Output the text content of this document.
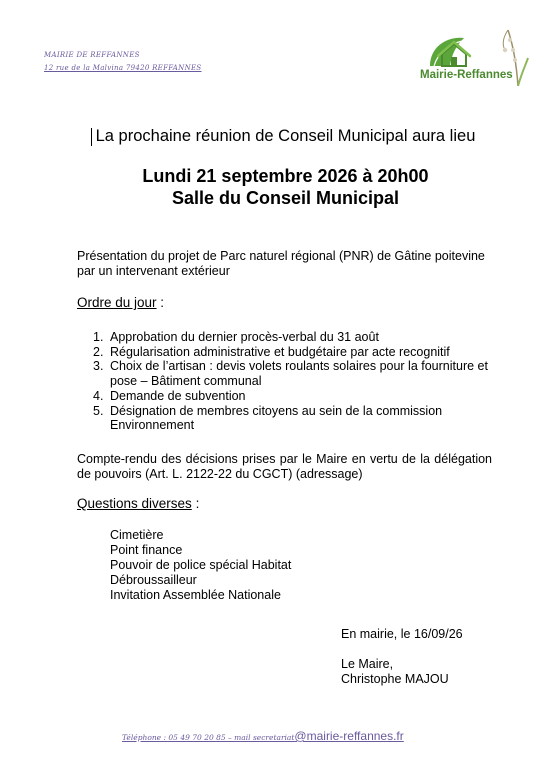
MAIRIE DE REFFANNES
12 rue de la Malvina 79420 REFFANNES
Mairie-Reffannes
La prochaine réunion de Conseil Municipal aura lieu
Lundi 21 septembre 2026 à 20h00
Salle du Conseil Municipal
Présentation du projet de Parc naturel régional (PNR) de Gâtine poitevine par un intervenant extérieur
Ordre du jour :
1. Approbation du dernier procès-verbal du 31 août
2. Régularisation administrative et budgétaire par acte recognitif
3. Choix de l’artisan : devis volets roulants solaires pour la fourniture et pose – Bâtiment communal
4. Demande de subvention
5. Désignation de membres citoyens au sein de la commission Environnement
Compte-rendu des décisions prises par le Maire en vertu de la délégation de pouvoirs (Art. L. 2122-22 du CGCT) (adressage)
Questions diverses :
Cimetière
Point finance
Pouvoir de police spécial Habitat
Débroussailleur
Invitation Assemblée Nationale
En mairie, le 16/09/26
Le Maire,
Christophe MAJOU
Téléphone : 05 49 70 20 85 – mail secretariat@mairie-reffannes.fr
